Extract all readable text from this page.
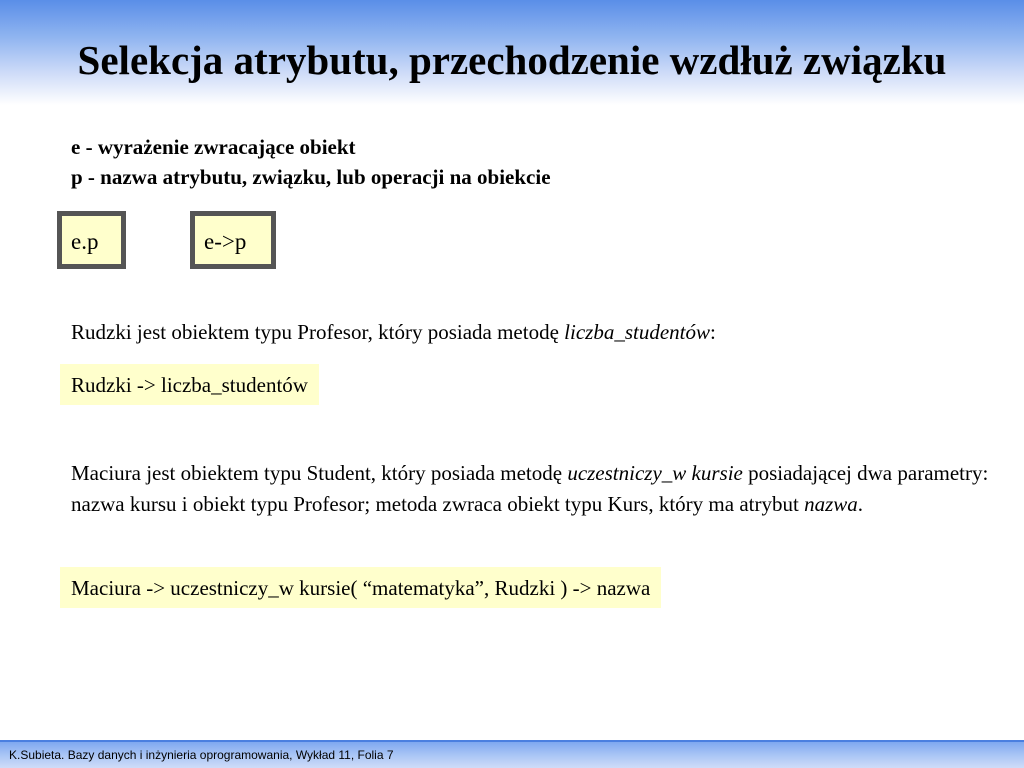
Selekcja atrybutu, przechodzenie wzdłuż związku
e - wyrażenie zwracające obiekt
p - nazwa atrybutu, związku, lub operacji na obiekcie
e.p	e->p
Rudzki jest obiektem typu Profesor, który posiada metodę liczba_studentów:
Rudzki -> liczba_studentów
Maciura jest obiektem typu Student, który posiada metodę uczestniczy_w kursie posiadającej dwa parametry: nazwa kursu i obiekt typu Profesor; metoda zwraca obiekt typu Kurs, który ma atrybut nazwa.
Maciura -> uczestniczy_w kursie( “matematyka”, Rudzki ) -> nazwa
K.Subieta. Bazy danych i inżynieria oprogramowania, Wykład 11, Folia 7
